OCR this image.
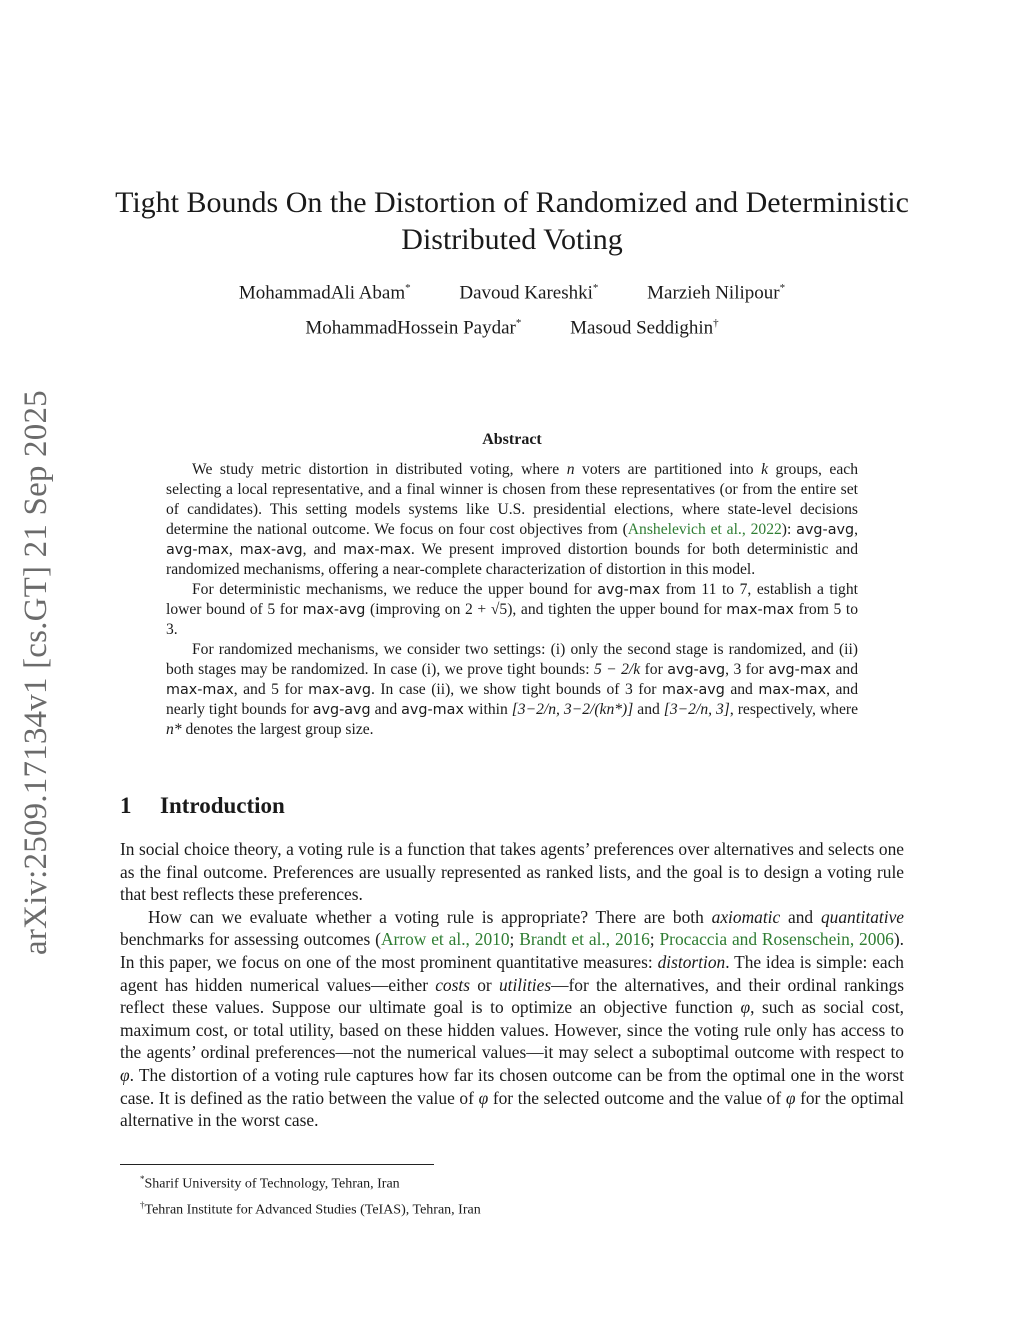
arXiv:2509.17134v1 [cs.GT] 21 Sep 2025
Tight Bounds On the Distortion of Randomized and Deterministic Distributed Voting
MohammadAli Abam*	Davoud Kareshki*	Marzieh Nilipour*
MohammadHossein Paydar*	Masoud Seddighin†
Abstract

We study metric distortion in distributed voting, where n voters are partitioned into k groups, each selecting a local representative, and a final winner is chosen from these representatives (or from the entire set of candidates). This setting models systems like U.S. presidential elections, where state-level decisions determine the national outcome. We focus on four cost objectives from (Anshelevich et al., 2022): avg-avg, avg-max, max-avg, and max-max. We present improved distortion bounds for both deterministic and randomized mechanisms, offering a near-complete characterization of distortion in this model.

For deterministic mechanisms, we reduce the upper bound for avg-max from 11 to 7, establish a tight lower bound of 5 for max-avg (improving on 2 + √5), and tighten the upper bound for max-max from 5 to 3.

For randomized mechanisms, we consider two settings: (i) only the second stage is randomized, and (ii) both stages may be randomized. In case (i), we prove tight bounds: 5 − 2/k for avg-avg, 3 for avg-max and max-max, and 5 for max-avg. In case (ii), we show tight bounds of 3 for max-avg and max-max, and nearly tight bounds for avg-avg and avg-max within [3−2/n, 3−2/(kn*)] and [3−2/n, 3], respectively, where n* denotes the largest group size.

1 Introduction

In social choice theory, a voting rule is a function that takes agents’ preferences over alternatives and selects one as the final outcome. Preferences are usually represented as ranked lists, and the goal is to design a voting rule that best reflects these preferences.

How can we evaluate whether a voting rule is appropriate? There are both axiomatic and quantitative benchmarks for assessing outcomes (Arrow et al., 2010; Brandt et al., 2016; Procaccia and Rosenschein, 2006). In this paper, we focus on one of the most prominent quantitative measures: distortion. The idea is simple: each agent has hidden numerical values—either costs or utilities—for the alternatives, and their ordinal rankings reflect these values. Suppose our ultimate goal is to optimize an objective function φ, such as social cost, maximum cost, or total utility, based on these hidden values. However, since the voting rule only has access to the agents’ ordinal preferences—not the numerical values—it may select a suboptimal outcome with respect to φ. The distortion of a voting rule captures how far its chosen outcome can be from the optimal one in the worst case. It is defined as the ratio between the value of φ for the selected outcome and the value of φ for the optimal alternative in the worst case.

*Sharif University of Technology, Tehran, Iran
†Tehran Institute for Advanced Studies (TeIAS), Tehran, Iran
